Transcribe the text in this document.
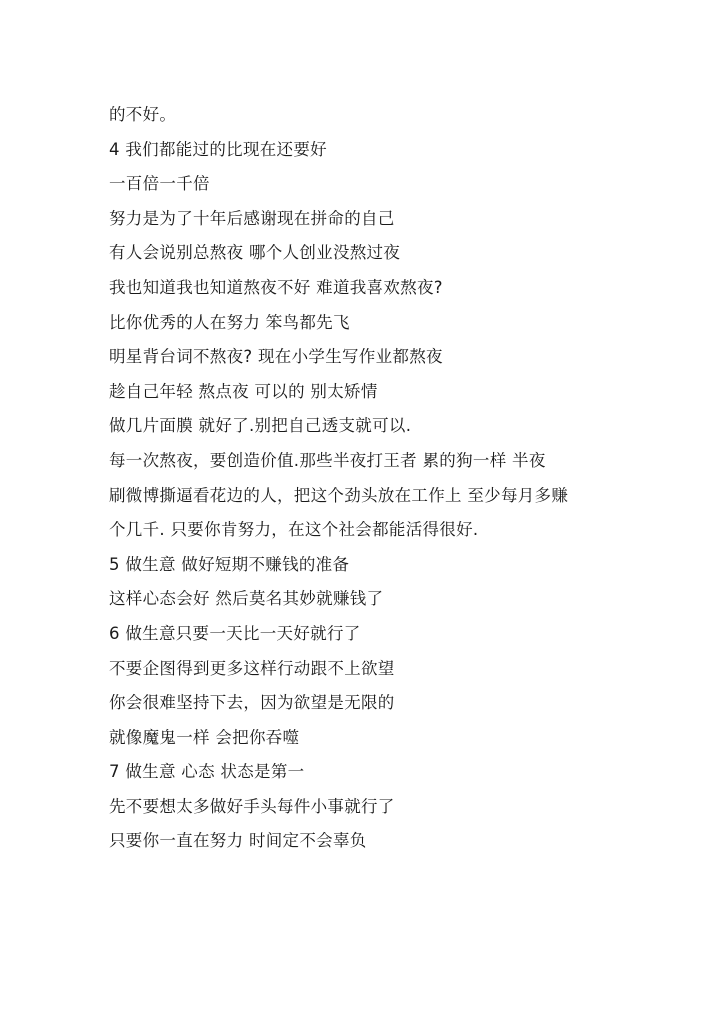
的不好。
4 我们都能过的比现在还要好
一百倍一千倍
努力是为了十年后感谢现在拼命的自己
有人会说别总熬夜 哪个人创业没熬过夜
我也知道我也知道熬夜不好 难道我喜欢熬夜?
比你优秀的人在努力 笨鸟都先飞
明星背台词不熬夜? 现在小学生写作业都熬夜
趁自己年轻 熬点夜 可以的 别太矫情
做几片面膜 就好了.别把自己透支就可以.
每一次熬夜，要创造价值.那些半夜打王者 累的狗一样 半夜
刷微博撕逼看花边的人，把这个劲头放在工作上 至少每月多赚
个几千. 只要你肯努力，在这个社会都能活得很好.
5 做生意 做好短期不赚钱的准备
这样心态会好 然后莫名其妙就赚钱了
6 做生意只要一天比一天好就行了
不要企图得到更多这样行动跟不上欲望
你会很难坚持下去，因为欲望是无限的
就像魔鬼一样 会把你吞噬
7 做生意 心态 状态是第一
先不要想太多做好手头每件小事就行了
只要你一直在努力 时间定不会辜负
